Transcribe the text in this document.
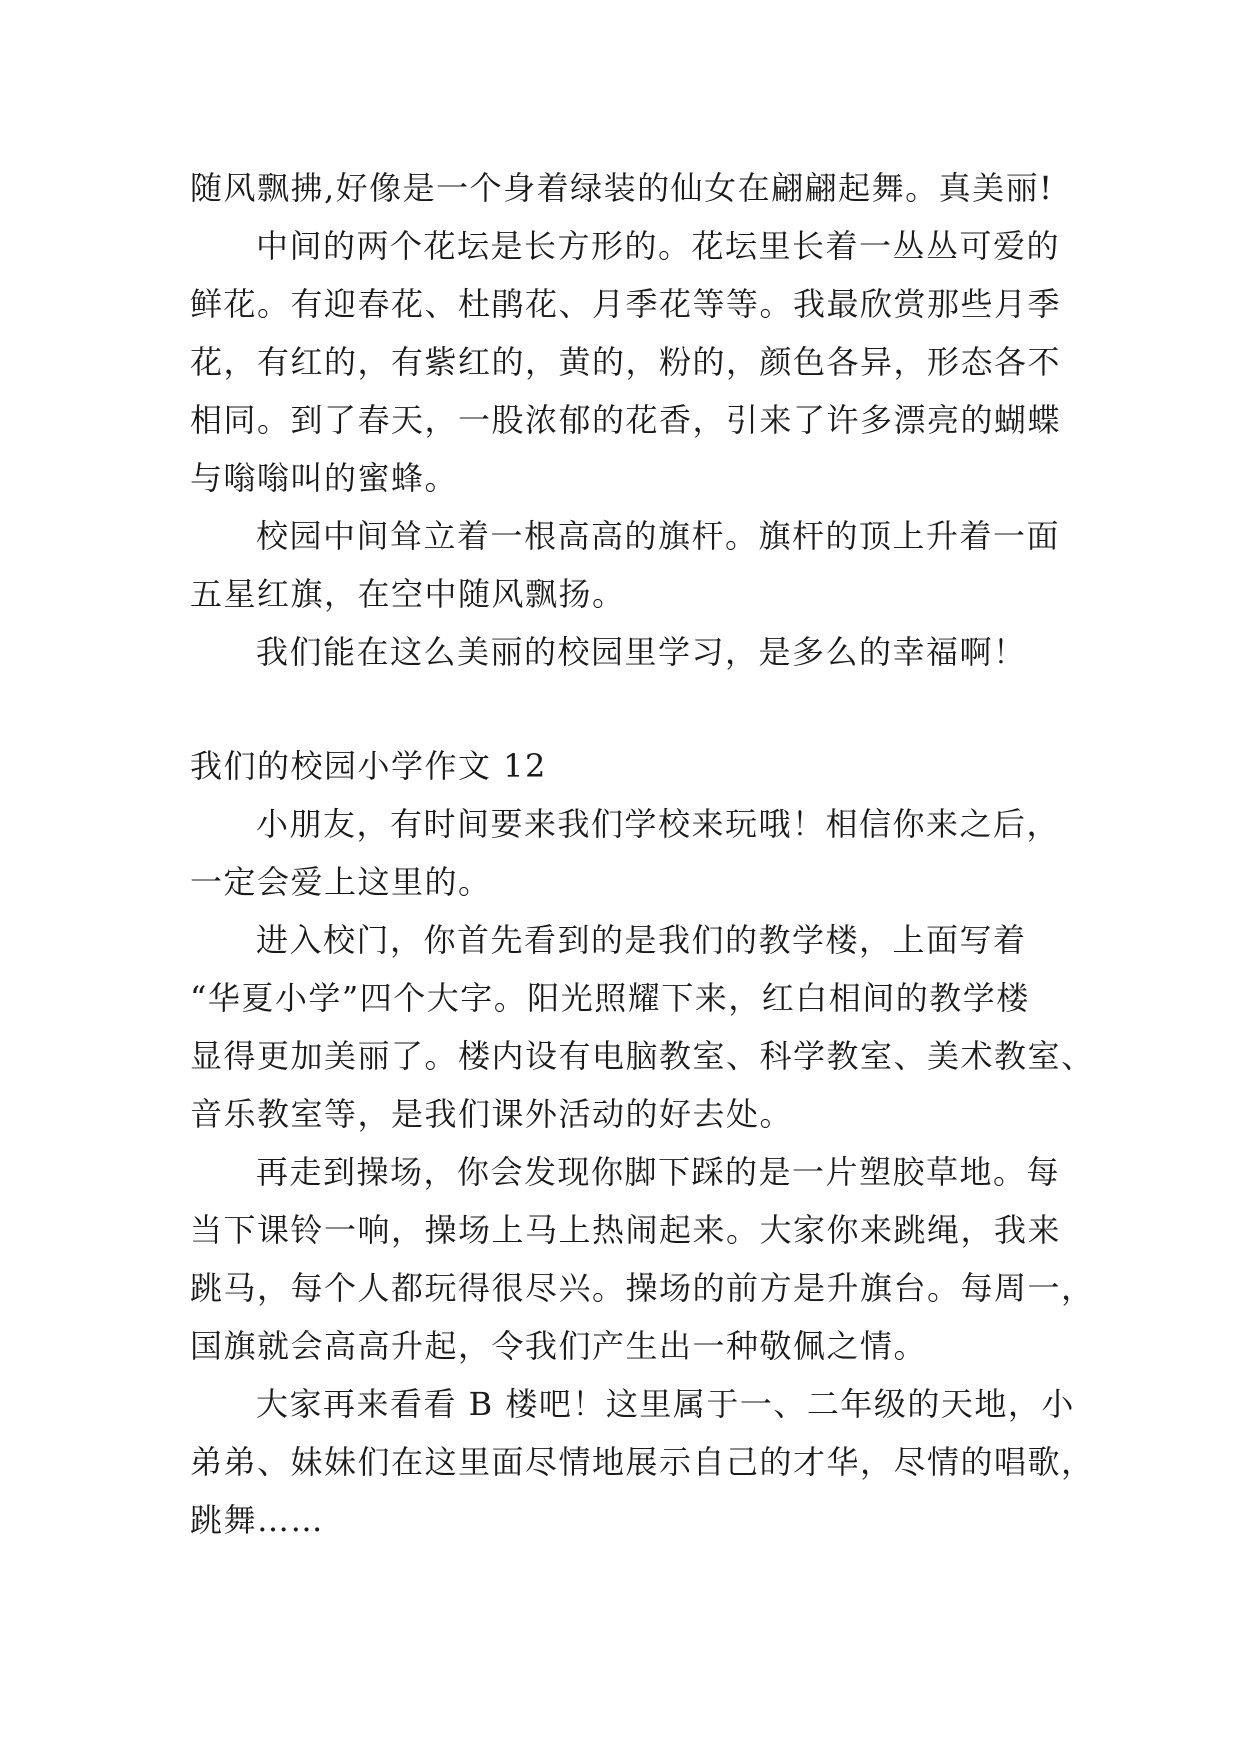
随风飘拂,好像是一个身着绿装的仙女在翩翩起舞。真美丽!
中间的两个花坛是长方形的。花坛里长着一丛丛可爱的
鲜花。有迎春花、杜鹃花、月季花等等。我最欣赏那些月季
花，有红的，有紫红的，黄的，粉的，颜色各异，形态各不
相同。到了春天，一股浓郁的花香，引来了许多漂亮的蝴蝶
与嗡嗡叫的蜜蜂。
校园中间耸立着一根高高的旗杆。旗杆的顶上升着一面
五星红旗，在空中随风飘扬。
我们能在这么美丽的校园里学习，是多么的幸福啊！
我们的校园小学作文 12
小朋友，有时间要来我们学校来玩哦！相信你来之后，
一定会爱上这里的。
进入校门，你首先看到的是我们的教学楼，上面写着
“华夏小学”四个大字。阳光照耀下来，红白相间的教学楼
显得更加美丽了。楼内设有电脑教室、科学教室、美术教室、
音乐教室等，是我们课外活动的好去处。
再走到操场，你会发现你脚下踩的是一片塑胶草地。每
当下课铃一响，操场上马上热闹起来。大家你来跳绳，我来
跳马，每个人都玩得很尽兴。操场的前方是升旗台。每周一，
国旗就会高高升起，令我们产生出一种敬佩之情。
大家再来看看 B 楼吧！这里属于一、二年级的天地，小
弟弟、妹妹们在这里面尽情地展示自己的才华，尽情的唱歌，
跳舞……
